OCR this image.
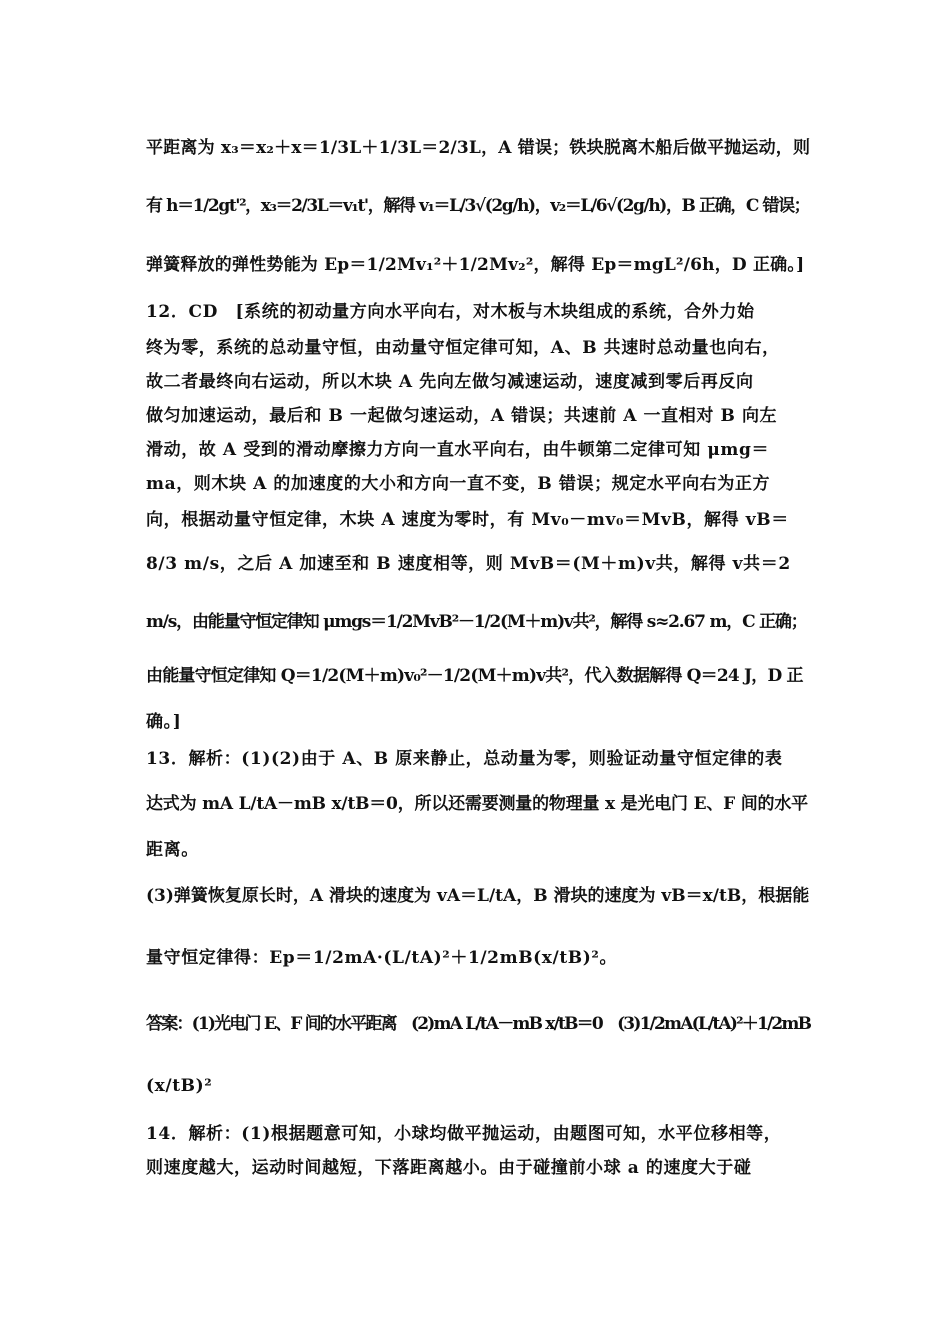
平距离为 x₃＝x₂＋x＝1/3L＋1/3L＝2/3L，A 错误；铁块脱离木船后做平抛运动，则
有 h＝1/2gt'²，x₃＝2/3L＝v₁t'，解得 v₁＝L/3√(2g/h)，v₂＝L/6√(2g/h)，B 正确，C 错误；
弹簧释放的弹性势能为 Ep＝1/2Mv₁²＋1/2Mv₂²，解得 Ep＝mgL²/6h，D 正确。]
12．CD　[系统的初动量方向水平向右，对木板与木块组成的系统，合外力始
终为零，系统的总动量守恒，由动量守恒定律可知，A、B 共速时总动量也向右，
故二者最终向右运动，所以木块 A 先向左做匀减速运动，速度减到零后再反向
做匀加速运动，最后和 B 一起做匀速运动，A 错误；共速前 A 一直相对 B 向左
滑动，故 A 受到的滑动摩擦力方向一直水平向右，由牛顿第二定律可知 μmg＝
ma，则木块 A 的加速度的大小和方向一直不变，B 错误；规定水平向右为正方
向，根据动量守恒定律，木块 A 速度为零时，有 Mv₀－mv₀＝MvB，解得 vB＝
8/3 m/s，之后 A 加速至和 B 速度相等，则 MvB＝(M＋m)v共，解得 v共＝2
m/s，由能量守恒定律知 μmgs＝1/2MvB²－1/2(M＋m)v共²，解得 s≈2.67 m，C 正确；
由能量守恒定律知 Q＝1/2(M＋m)v₀²－1/2(M＋m)v共²，代入数据解得 Q＝24 J，D 正
确。]
13．解析：(1)(2)由于 A、B 原来静止，总动量为零，则验证动量守恒定律的表
达式为 mA L/tA－mB x/tB＝0，所以还需要测量的物理量 x 是光电门 E、F 间的水平
距离。
(3)弹簧恢复原长时，A 滑块的速度为 vA＝L/tA，B 滑块的速度为 vB＝x/tB，根据能
量守恒定律得：Ep＝1/2mA·(L/tA)²＋1/2mB(x/tB)²。
答案：(1)光电门 E、F 间的水平距离　(2)mA L/tA－mB x/tB＝0　(3)1/2mA(L/tA)²＋1/2mB
(x/tB)²
14．解析：(1)根据题意可知，小球均做平抛运动，由题图可知，水平位移相等，
则速度越大，运动时间越短，下落距离越小。由于碰撞前小球 a 的速度大于碰
